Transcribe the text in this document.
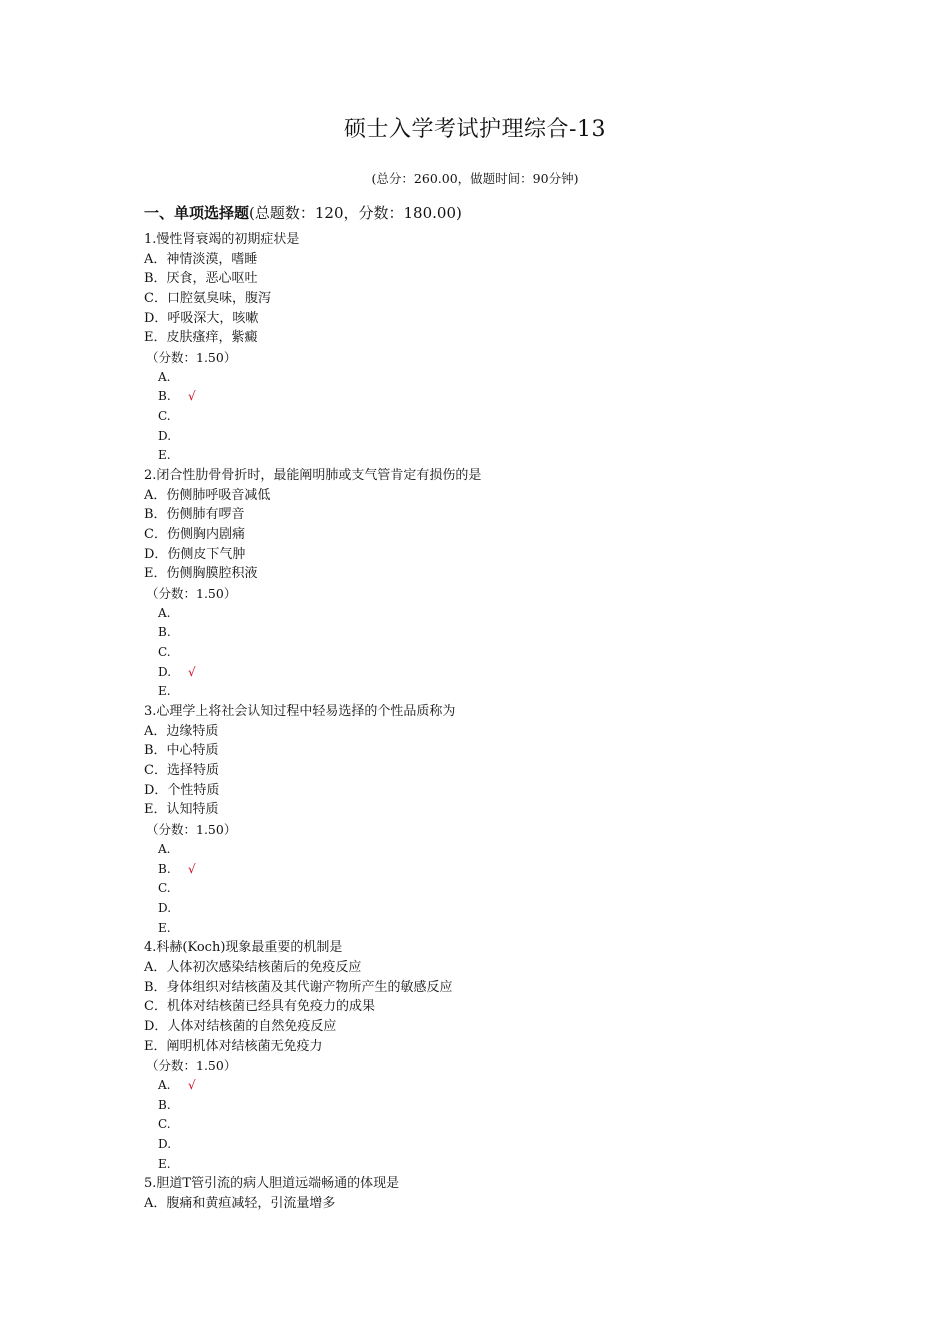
硕士入学考试护理综合-13
(总分：260.00，做题时间：90分钟)
一、单项选择题(总题数：120，分数：180.00)
1.慢性肾衰竭的初期症状是
A．神情淡漠，嗜睡
B．厌食，恶心呕吐
C．口腔氨臭味，腹泻
D．呼吸深大，咳嗽
E．皮肤瘙痒，紫癜
（分数：1.50）
A.
B. √
C.
D.
E.
2.闭合性肋骨骨折时，最能阐明肺或支气管肯定有损伤的是
A．伤侧肺呼吸音减低
B．伤侧肺有啰音
C．伤侧胸内剧痛
D．伤侧皮下气肿
E．伤侧胸膜腔积液
（分数：1.50）
A.
B.
C.
D. √
E.
3.心理学上将社会认知过程中轻易选择的个性品质称为
A．边缘特质
B．中心特质
C．选择特质
D．个性特质
E．认知特质
（分数：1.50）
A.
B. √
C.
D.
E.
4.科赫(Koch)现象最重要的机制是
A．人体初次感染结核菌后的免疫反应
B．身体组织对结核菌及其代谢产物所产生的敏感反应
C．机体对结核菌已经具有免疫力的成果
D．人体对结核菌的自然免疫反应
E．阐明机体对结核菌无免疫力
（分数：1.50）
A. √
B.
C.
D.
E.
5.胆道T管引流的病人胆道远端畅通的体现是
A．腹痛和黄疸减轻，引流量增多
